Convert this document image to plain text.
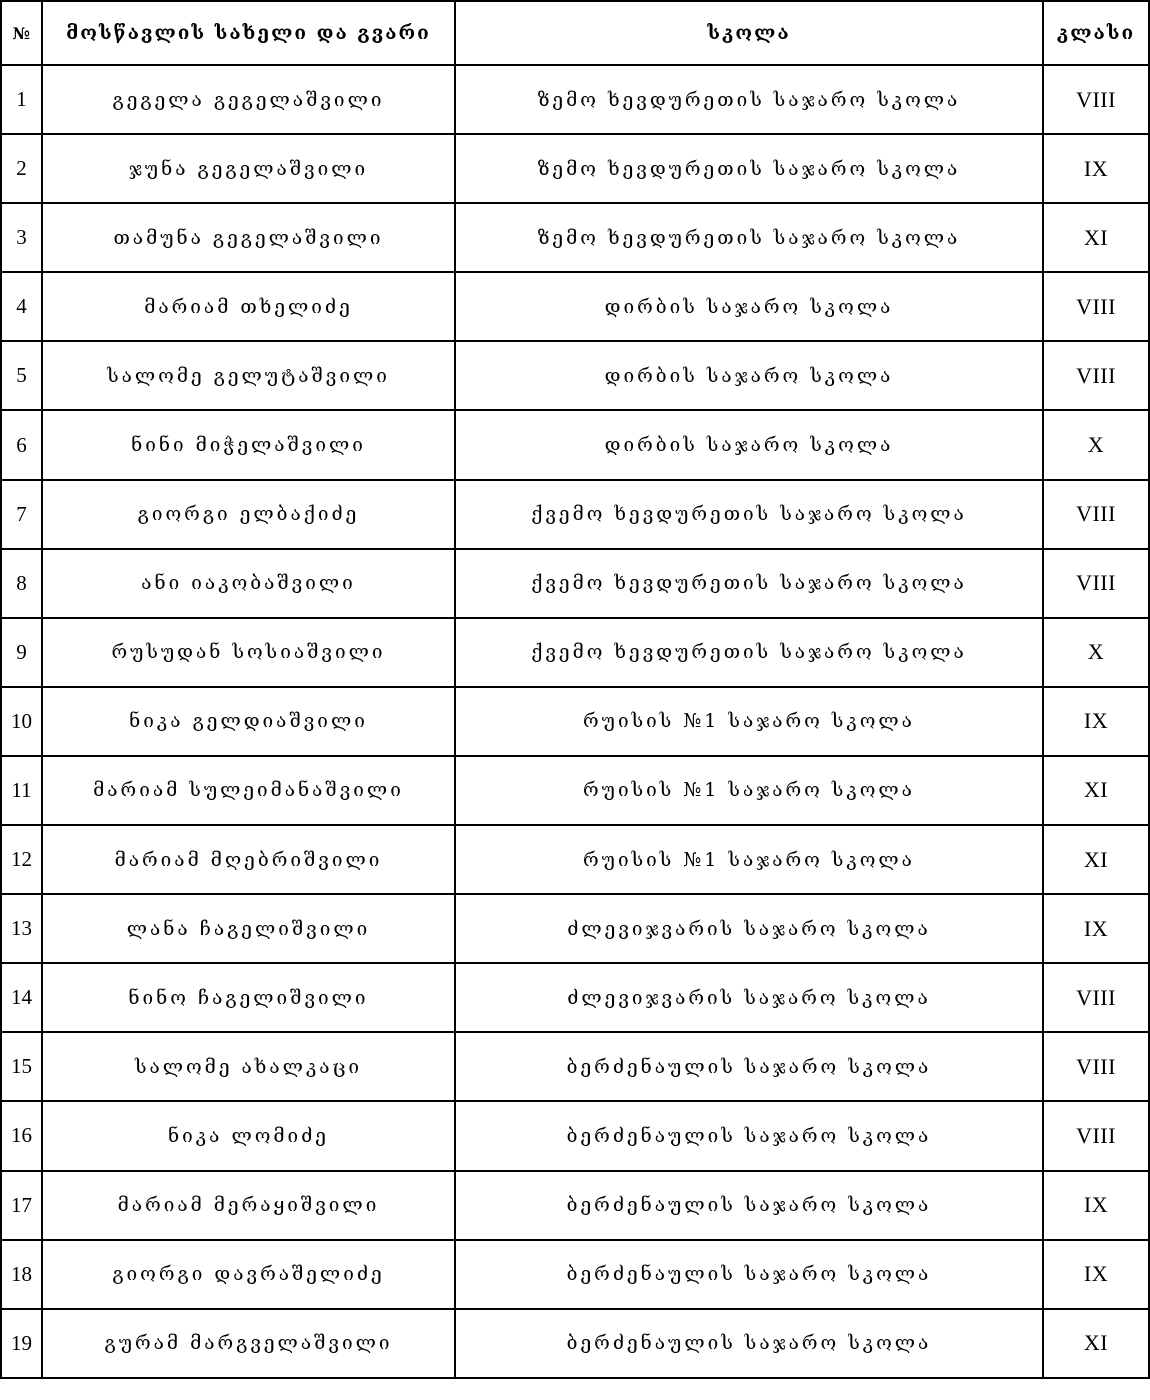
№	მოსწავლის სახელი და გვარი	სკოლა	კლასი
1	გეგელა გეგელაშვილი	ზემო ხევდურეთის საჯარო სკოლა	VIII
2	ჯუნა გეგელაშვილი	ზემო ხევდურეთის საჯარო სკოლა	IX
3	თამუნა გეგელაშვილი	ზემო ხევდურეთის საჯარო სკოლა	XI
4	მარიამ თხელიძე	დირბის საჯარო სკოლა	VIII
5	სალომე გელუტაშვილი	დირბის საჯარო სკოლა	VIII
6	ნინი მიჭელაშვილი	დირბის საჯარო სკოლა	X
7	გიორგი ელბაქიძე	ქვემო ხევდურეთის საჯარო სკოლა	VIII
8	ანი იაკობაშვილი	ქვემო ხევდურეთის საჯარო სკოლა	VIII
9	რუსუდან სოსიაშვილი	ქვემო ხევდურეთის საჯარო სკოლა	X
10	ნიკა გელდიაშვილი	რუისის №1 საჯარო სკოლა	IX
11	მარიამ სულეიმანაშვილი	რუისის №1 საჯარო სკოლა	XI
12	მარიამ მღებრიშვილი	რუისის №1 საჯარო სკოლა	XI
13	ლანა ჩაგელიშვილი	ძლევიჯვარის საჯარო სკოლა	IX
14	ნინო ჩაგელიშვილი	ძლევიჯვარის საჯარო სკოლა	VIII
15	სალომე ახალკაცი	ბერძენაულის საჯარო სკოლა	VIII
16	ნიკა ლომიძე	ბერძენაულის საჯარო სკოლა	VIII
17	მარიამ მერაყიშვილი	ბერძენაულის საჯარო სკოლა	IX
18	გიორგი დავრაშელიძე	ბერძენაულის საჯარო სკოლა	IX
19	გურამ მარგველაშვილი	ბერძენაულის საჯარო სკოლა	XI
